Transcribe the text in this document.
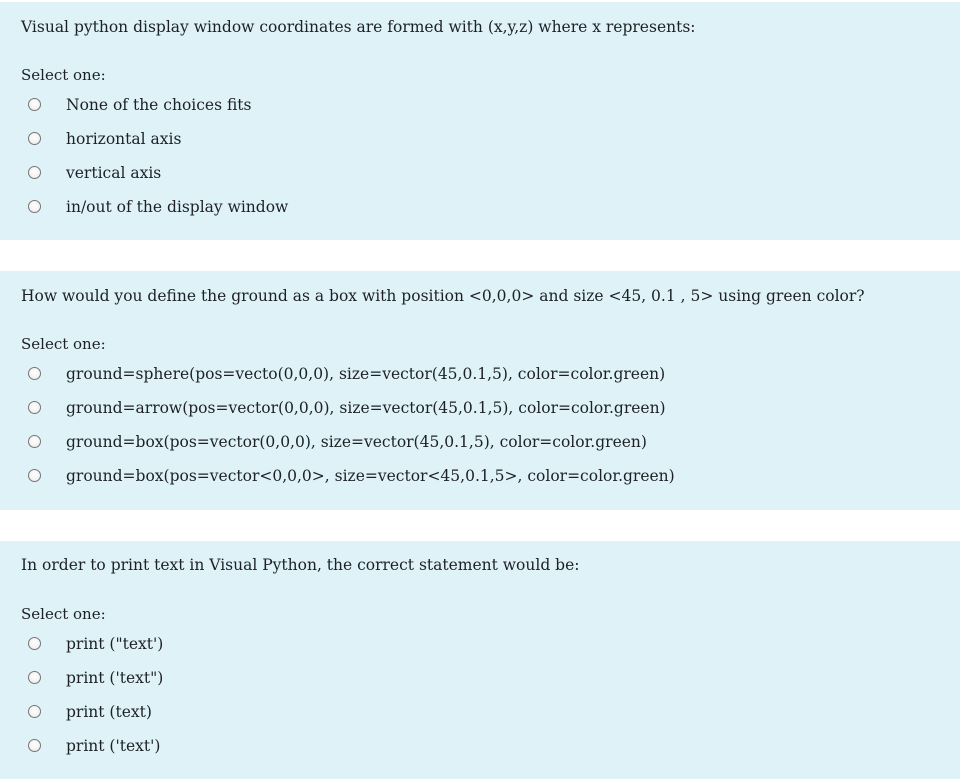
Visual python display window coordinates are formed with (x,y,z) where x represents:
Select one:
None of the choices fits
horizontal axis
vertical axis
in/out of the display window
How would you define the ground as a box with position <0,0,0> and size <45, 0.1 , 5> using green color?
Select one:
ground=sphere(pos=vecto(0,0,0), size=vector(45,0.1,5), color=color.green)
ground=arrow(pos=vector(0,0,0), size=vector(45,0.1,5), color=color.green)
ground=box(pos=vector(0,0,0), size=vector(45,0.1,5), color=color.green)
ground=box(pos=vector<0,0,0>, size=vector<45,0.1,5>, color=color.green)
In order to print text in Visual Python, the correct statement would be:
Select one:
print ("text')
print ('text")
print (text)
print ('text')
